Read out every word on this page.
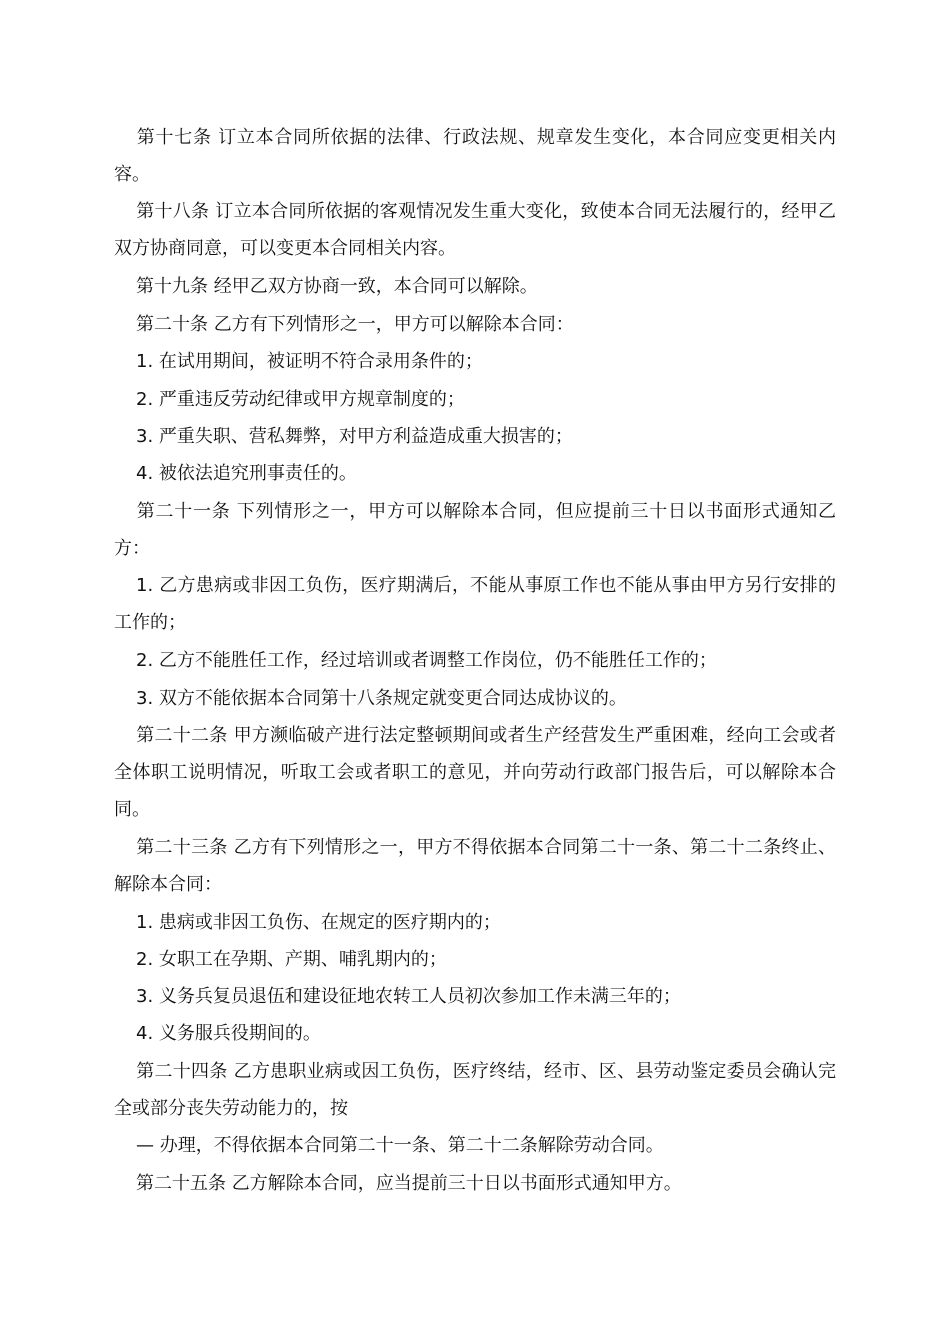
第十七条 订立本合同所依据的法律、行政法规、规章发生变化，本合同应变更相关内容。

第十八条 订立本合同所依据的客观情况发生重大变化，致使本合同无法履行的，经甲乙双方协商同意，可以变更本合同相关内容。

第十九条 经甲乙双方协商一致，本合同可以解除。

第二十条 乙方有下列情形之一，甲方可以解除本合同：

1. 在试用期间，被证明不符合录用条件的；

2. 严重违反劳动纪律或甲方规章制度的；

3. 严重失职、营私舞弊，对甲方利益造成重大损害的；

4. 被依法追究刑事责任的。

第二十一条 下列情形之一，甲方可以解除本合同，但应提前三十日以书面形式通知乙方：

1. 乙方患病或非因工负伤，医疗期满后，不能从事原工作也不能从事由甲方另行安排的工作的；

2. 乙方不能胜任工作，经过培训或者调整工作岗位，仍不能胜任工作的；

3. 双方不能依据本合同第十八条规定就变更合同达成协议的。

第二十二条 甲方濒临破产进行法定整顿期间或者生产经营发生严重困难，经向工会或者全体职工说明情况，听取工会或者职工的意见，并向劳动行政部门报告后，可以解除本合同。

第二十三条 乙方有下列情形之一，甲方不得依据本合同第二十一条、第二十二条终止、解除本合同：

1. 患病或非因工负伤、在规定的医疗期内的；

2. 女职工在孕期、产期、哺乳期内的；

3. 义务兵复员退伍和建设征地农转工人员初次参加工作未满三年的；

4. 义务服兵役期间的。

第二十四条 乙方患职业病或因工负伤，医疗终结，经市、区、县劳动鉴定委员会确认完全或部分丧失劳动能力的，按

— 办理，不得依据本合同第二十一条、第二十二条解除劳动合同。

第二十五条 乙方解除本合同，应当提前三十日以书面形式通知甲方。
